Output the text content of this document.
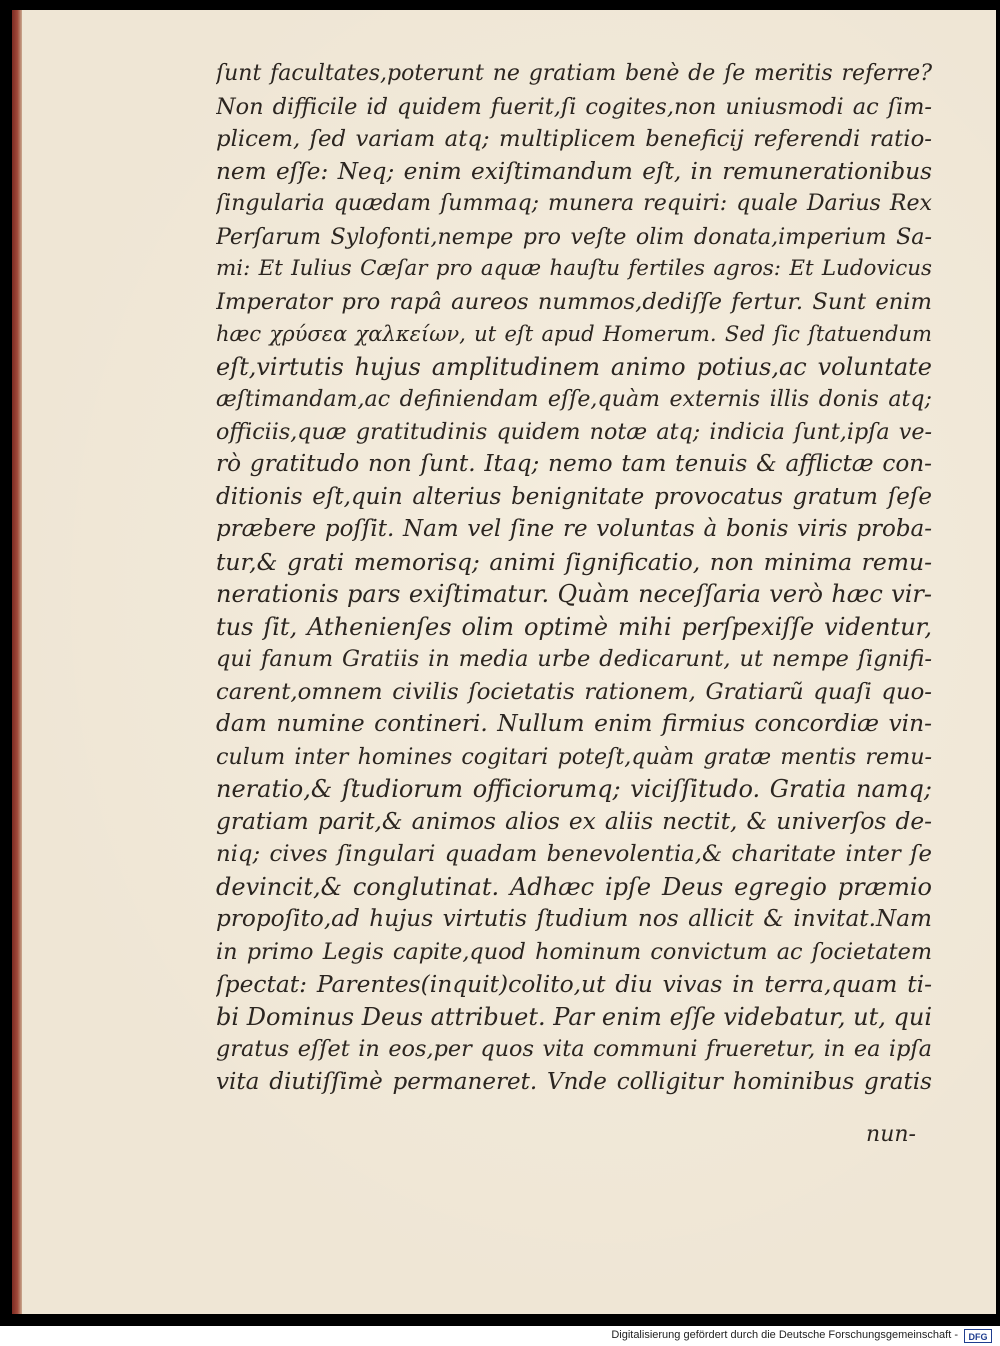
ſunt facultates,poterunt ne gratiam benè de ſe meritis referre?
Non difficile id quidem fuerit,ſi cogites,non uniusmodi ac ſim-
plicem, ſed variam atq; multiplicem beneficij referendi ratio-
nem eſſe: Neq; enim exiſtimandum eſt, in remunerationibus
ſingularia quædam ſummaq; munera requiri: quale Darius Rex
Perſarum Sylofonti,nempe pro veſte olim donata,imperium Sa-
mi: Et Iulius Cæſar pro aquæ hauſtu fertiles agros: Et Ludovicus
Imperator pro rapâ aureos nummos,dediſſe fertur. Sunt enim
hæc χρύσεα χαλκείων, ut eſt apud Homerum. Sed ſic ſtatuendum
eſt,virtutis hujus amplitudinem animo potius,ac voluntate
æſtimandam,ac definiendam eſſe,quàm externis illis donis atq;
officiis,quæ gratitudinis quidem notæ atq; indicia ſunt,ipſa ve-
rò gratitudo non ſunt. Itaq; nemo tam tenuis & afflictæ con-
ditionis eſt,quin alterius benignitate provocatus gratum ſeſe
præbere poſſit. Nam vel ſine re voluntas à bonis viris proba-
tur,& grati memorisq; animi ſignificatio, non minima remu-
nerationis pars exiſtimatur. Quàm neceſſaria verò hæc vir-
tus ſit, Athenienſes olim optimè mihi perſpexiſſe videntur,
qui fanum Gratiis in media urbe dedicarunt, ut nempe ſignifi-
carent,omnem civilis ſocietatis rationem, Gratiarũ quaſi quo-
dam numine contineri. Nullum enim firmius concordiæ vin-
culum inter homines cogitari poteſt,quàm gratæ mentis remu-
neratio,& ſtudiorum officiorumq; viciſſitudo. Gratia namq;
gratiam parit,& animos alios ex aliis nectit, & univerſos de-
niq; cives ſingulari quadam benevolentia,& charitate inter ſe
devincit,& conglutinat. Adhæc ipſe Deus egregio præmio
propoſito,ad hujus virtutis ſtudium nos allicit & invitat.Nam
in primo Legis capite,quod hominum convictum ac ſocietatem
ſpectat: Parentes(inquit)colito,ut diu vivas in terra,quam ti-
bi Dominus Deus attribuet. Par enim eſſe videbatur, ut, qui
gratus eſſet in eos,per quos vita communi frueretur, in ea ipſa
vita diutiſſimè permaneret. Vnde colligitur hominibus gratis
nun-
Digitalisierung gefördert durch die Deutsche Forschungsgemeinschaft -	DFG
